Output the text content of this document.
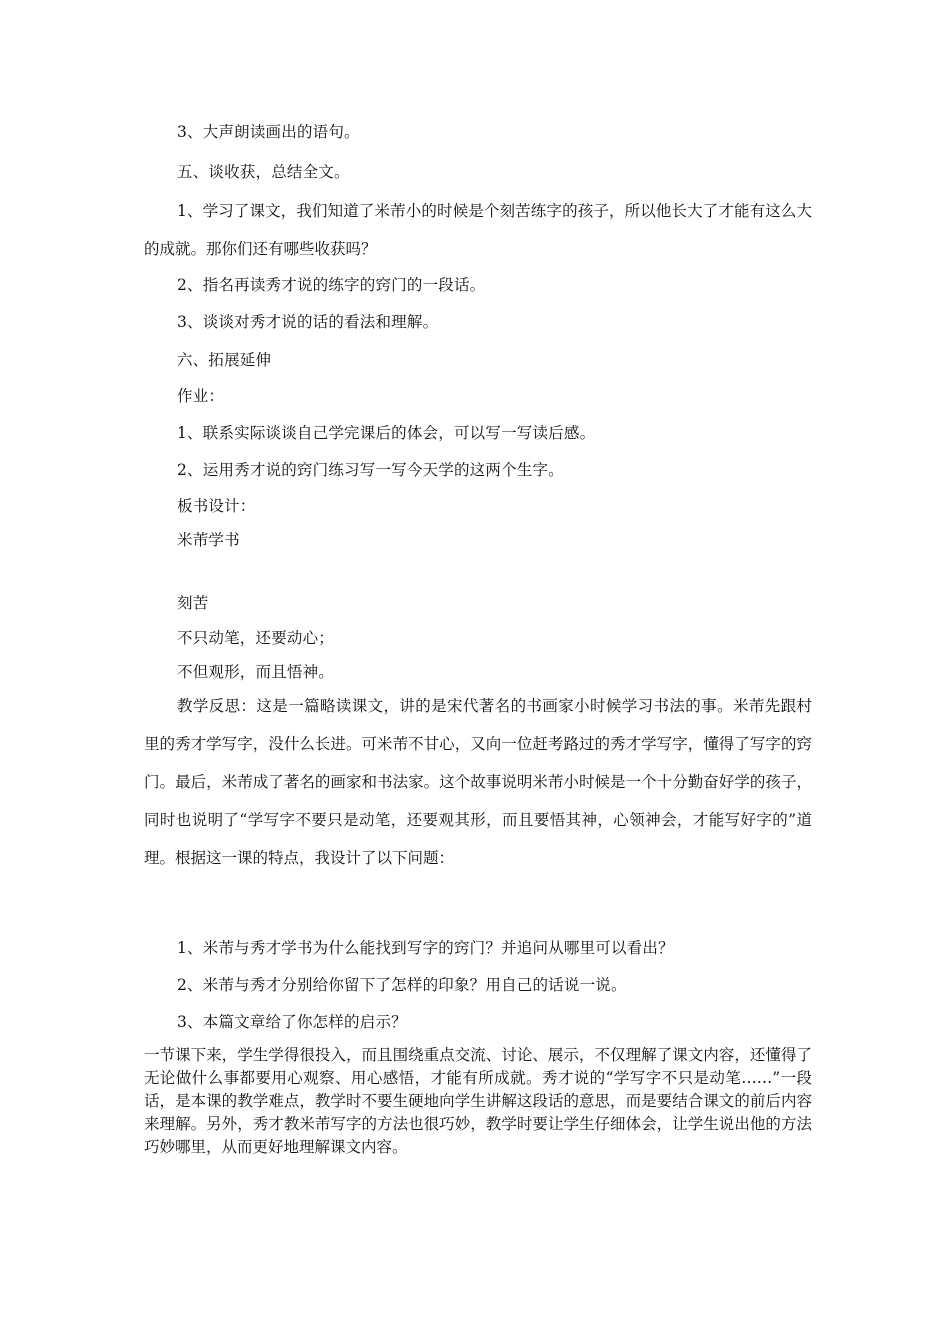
3、大声朗读画出的语句。
五、谈收获，总结全文。
1、学习了课文，我们知道了米芾小的时候是个刻苦练字的孩子，所以他长大了才能有这么大的成就。那你们还有哪些收获吗？
2、指名再读秀才说的练字的窍门的一段话。
3、谈谈对秀才说的话的看法和理解。
六、拓展延伸
作业：
1、联系实际谈谈自己学完课后的体会，可以写一写读后感。
2、运用秀才说的窍门练习写一写今天学的这两个生字。
板书设计：
米芾学书
刻苦
不只动笔，还要动心；
不但观形，而且悟神。
教学反思：这是一篇略读课文，讲的是宋代著名的书画家小时候学习书法的事。米芾先跟村里的秀才学写字，没什么长进。可米芾不甘心，又向一位赶考路过的秀才学写字，懂得了写字的窍门。最后，米芾成了著名的画家和书法家。这个故事说明米芾小时候是一个十分勤奋好学的孩子，同时也说明了“学写字不要只是动笔，还要观其形，而且要悟其神，心领神会，才能写好字的”道理。根据这一课的特点，我设计了以下问题：
1、米芾与秀才学书为什么能找到写字的窍门？并追问从哪里可以看出？
2、米芾与秀才分别给你留下了怎样的印象？用自己的话说一说。
3、本篇文章给了你怎样的启示？
一节课下来，学生学得很投入，而且围绕重点交流、讨论、展示，不仅理解了课文内容，还懂得了无论做什么事都要用心观察、用心感悟，才能有所成就。秀才说的“学写字不只是动笔……”一段话，是本课的教学难点，教学时不要生硬地向学生讲解这段话的意思，而是要结合课文的前后内容来理解。另外，秀才教米芾写字的方法也很巧妙，教学时要让学生仔细体会，让学生说出他的方法巧妙哪里，从而更好地理解课文内容。
